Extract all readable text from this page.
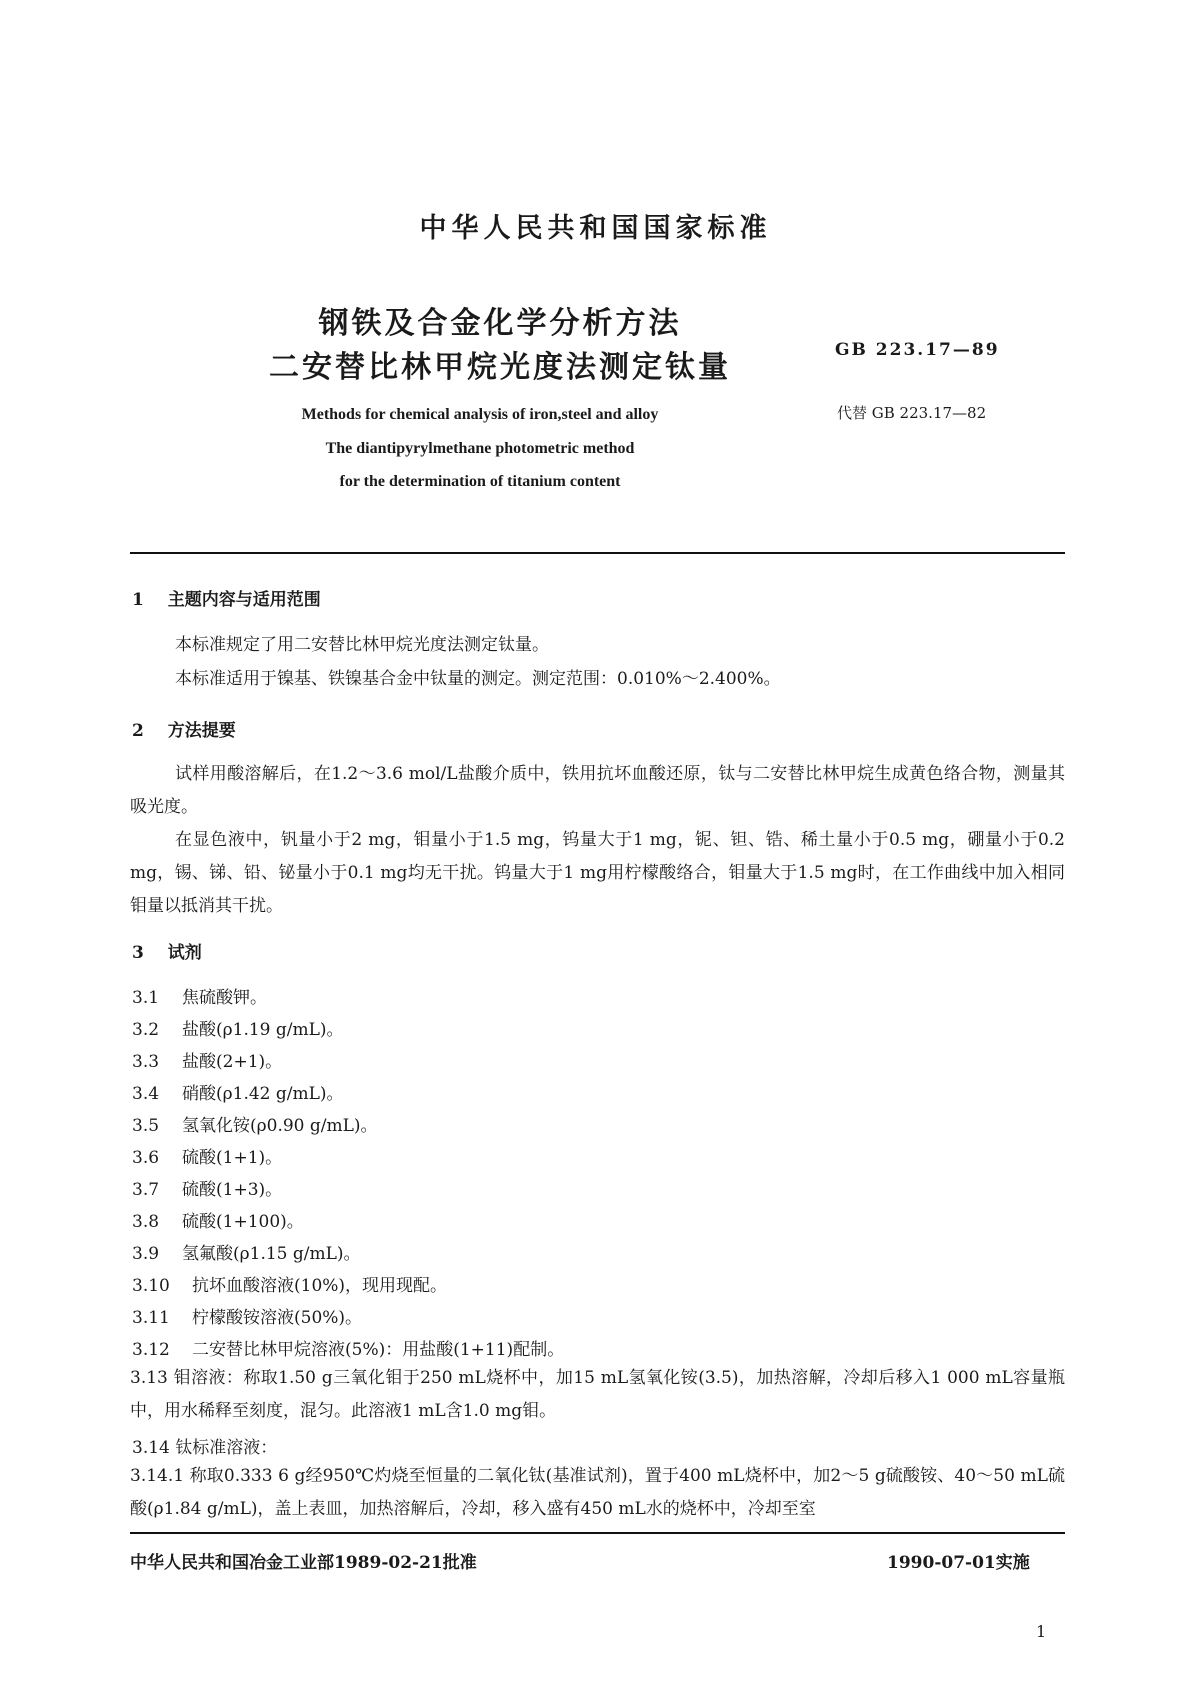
中华人民共和国国家标准
钢铁及合金化学分析方法
二安替比林甲烷光度法测定钛量	GB 223.17—89
代替 GB 223.17—82
Methods for chemical analysis of iron,steel and alloy
The diantipyrylmethane photometric method
for the determination of titanium content
1 主题内容与适用范围
本标准规定了用二安替比林甲烷光度法测定钛量。
本标准适用于镍基、铁镍基合金中钛量的测定。测定范围：0.010%～2.400%。
2 方法提要
试样用酸溶解后，在1.2～3.6 mol/L盐酸介质中，铁用抗坏血酸还原，钛与二安替比林甲烷生成黄色络合物，测量其吸光度。
在显色液中，钒量小于2 mg，钼量小于1.5 mg，钨量大于1 mg，铌、钽、锆、稀土量小于0.5 mg，硼量小于0.2 mg，锡、锑、铅、铋量小于0.1 mg均无干扰。钨量大于1 mg用柠檬酸络合，钼量大于1.5 mg时，在工作曲线中加入相同钼量以抵消其干扰。
3 试剂
3.1 焦硫酸钾。
3.2 盐酸(ρ1.19 g/mL)。
3.3 盐酸(2+1)。
3.4 硝酸(ρ1.42 g/mL)。
3.5 氢氧化铵(ρ0.90 g/mL)。
3.6 硫酸(1+1)。
3.7 硫酸(1+3)。
3.8 硫酸(1+100)。
3.9 氢氟酸(ρ1.15 g/mL)。
3.10 抗坏血酸溶液(10%)，现用现配。
3.11 柠檬酸铵溶液(50%)。
3.12 二安替比林甲烷溶液(5%)：用盐酸(1+11)配制。
3.13 钼溶液：称取1.50 g三氧化钼于250 mL烧杯中，加15 mL氢氧化铵(3.5)，加热溶解，冷却后移入1 000 mL容量瓶中，用水稀释至刻度，混匀。此溶液1 mL含1.0 mg钼。
3.14 钛标准溶液：
3.14.1 称取0.333 6 g经950℃灼烧至恒量的二氧化钛(基准试剂)，置于400 mL烧杯中，加2～5 g硫酸铵、40～50 mL硫酸(ρ1.84 g/mL)，盖上表皿，加热溶解后，冷却，移入盛有450 mL水的烧杯中，冷却至室
中华人民共和国冶金工业部1989-02-21批准	1990-07-01实施
1
